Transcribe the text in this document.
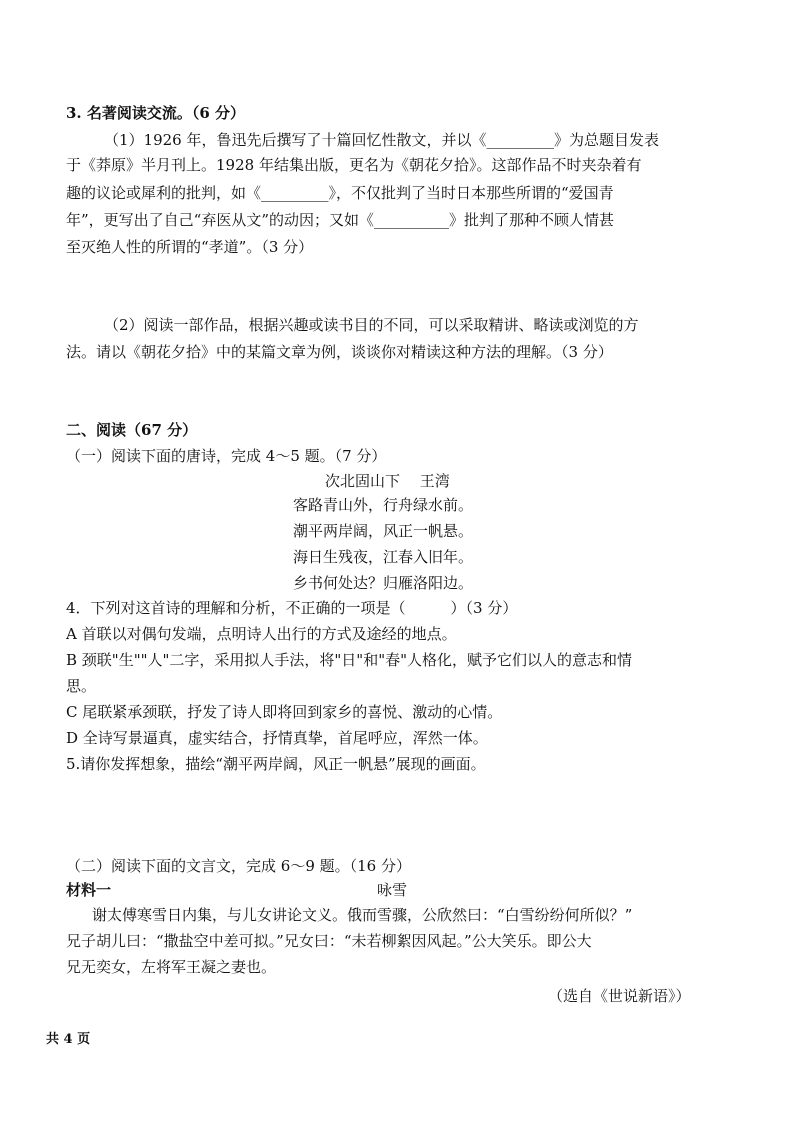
3. 名著阅读交流。（6 分）
（1）1926 年，鲁迅先后撰写了十篇回忆性散文，并以《_________》为总题目发表
于《莽原》半月刊上。1928 年结集出版，更名为《朝花夕拾》。这部作品不时夹杂着有
趣的议论或犀利的批判，如《_________》，不仅批判了当时日本那些所谓的“爱国青
年”，更写出了自己“弃医从文”的动因；又如《__________》批判了那种不顾人情甚
至灭绝人性的所谓的“孝道”。（3 分）
（2）阅读一部作品，根据兴趣或读书目的不同，可以采取精讲、略读或浏览的方
法。请以《朝花夕拾》中的某篇文章为例，谈谈你对精读这种方法的理解。（3 分）
二、阅读（67 分）
（一）阅读下面的唐诗，完成 4～5 题。（7 分）
次北固山下　 王湾
客路青山外，行舟绿水前。
潮平两岸阔，风正一帆悬。
海日生残夜，江春入旧年。
乡书何处达？归雁洛阳边。
4．下列对这首诗的理解和分析，不正确的一项是（　　　）（3 分）
A 首联以对偶句发端，点明诗人出行的方式及途经的地点。
B 颈联"生""人"二字，采用拟人手法，将"日"和"春"人格化，赋予它们以人的意志和情
思。
C 尾联紧承颈联，抒发了诗人即将回到家乡的喜悦、激动的心情。
D 全诗写景逼真，虚实结合，抒情真挚，首尾呼应，浑然一体。
5.请你发挥想象，描绘“潮平两岸阔，风正一帆悬”展现的画面。
（二）阅读下面的文言文，完成 6～9 题。（16 分）
材料一	咏雪
谢太傅寒雪日内集，与儿女讲论文义。俄而雪骤，公欣然曰：“白雪纷纷何所似？”
兄子胡儿曰：“撒盐空中差可拟。”兄女曰：“未若柳絮因风起。”公大笑乐。即公大
兄无奕女，左将军王凝之妻也。
（选自《世说新语》）
共 4 页
